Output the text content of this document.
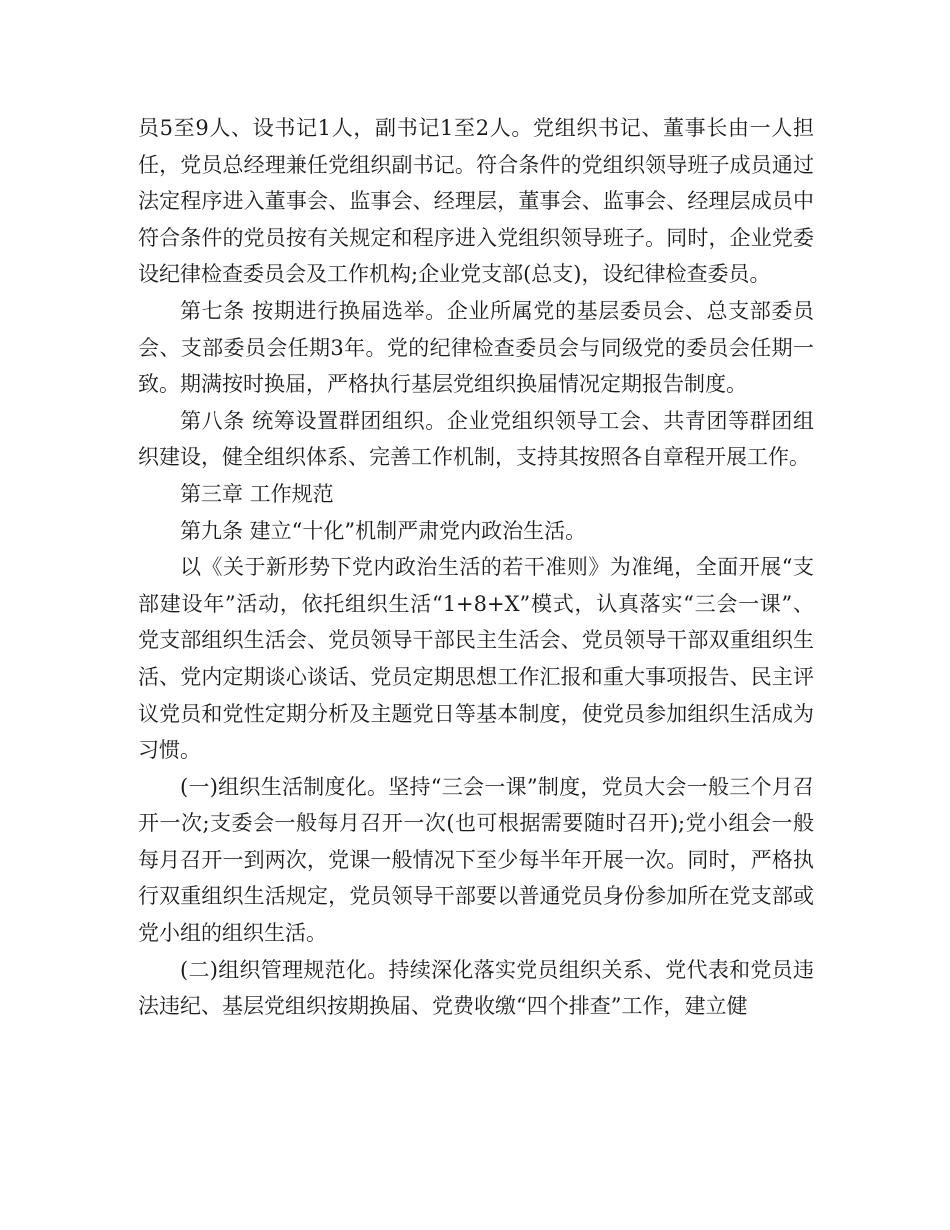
员5至9人、设书记1人，副书记1至2人。党组织书记、董事长由一人担任，党员总经理兼任党组织副书记。符合条件的党组织领导班子成员通过法定程序进入董事会、监事会、经理层，董事会、监事会、经理层成员中符合条件的党员按有关规定和程序进入党组织领导班子。同时，企业党委设纪律检查委员会及工作机构;企业党支部(总支)，设纪律检查委员。

第七条 按期进行换届选举。企业所属党的基层委员会、总支部委员会、支部委员会任期3年。党的纪律检查委员会与同级党的委员会任期一致。期满按时换届，严格执行基层党组织换届情况定期报告制度。

第八条 统筹设置群团组织。企业党组织领导工会、共青团等群团组织建设，健全组织体系、完善工作机制，支持其按照各自章程开展工作。

第三章 工作规范

第九条 建立“十化”机制严肃党内政治生活。

以《关于新形势下党内政治生活的若干准则》为准绳，全面开展“支部建设年”活动，依托组织生活“1+8+X”模式，认真落实“三会一课”、党支部组织生活会、党员领导干部民主生活会、党员领导干部双重组织生活、党内定期谈心谈话、党员定期思想工作汇报和重大事项报告、民主评议党员和党性定期分析及主题党日等基本制度，使党员参加组织生活成为习惯。

(一)组织生活制度化。坚持“三会一课”制度，党员大会一般三个月召开一次;支委会一般每月召开一次(也可根据需要随时召开);党小组会一般每月召开一到两次，党课一般情况下至少每半年开展一次。同时，严格执行双重组织生活规定，党员领导干部要以普通党员身份参加所在党支部或党小组的组织生活。

(二)组织管理规范化。持续深化落实党员组织关系、党代表和党员违法违纪、基层党组织按期换届、党费收缴“四个排查”工作，建立健
